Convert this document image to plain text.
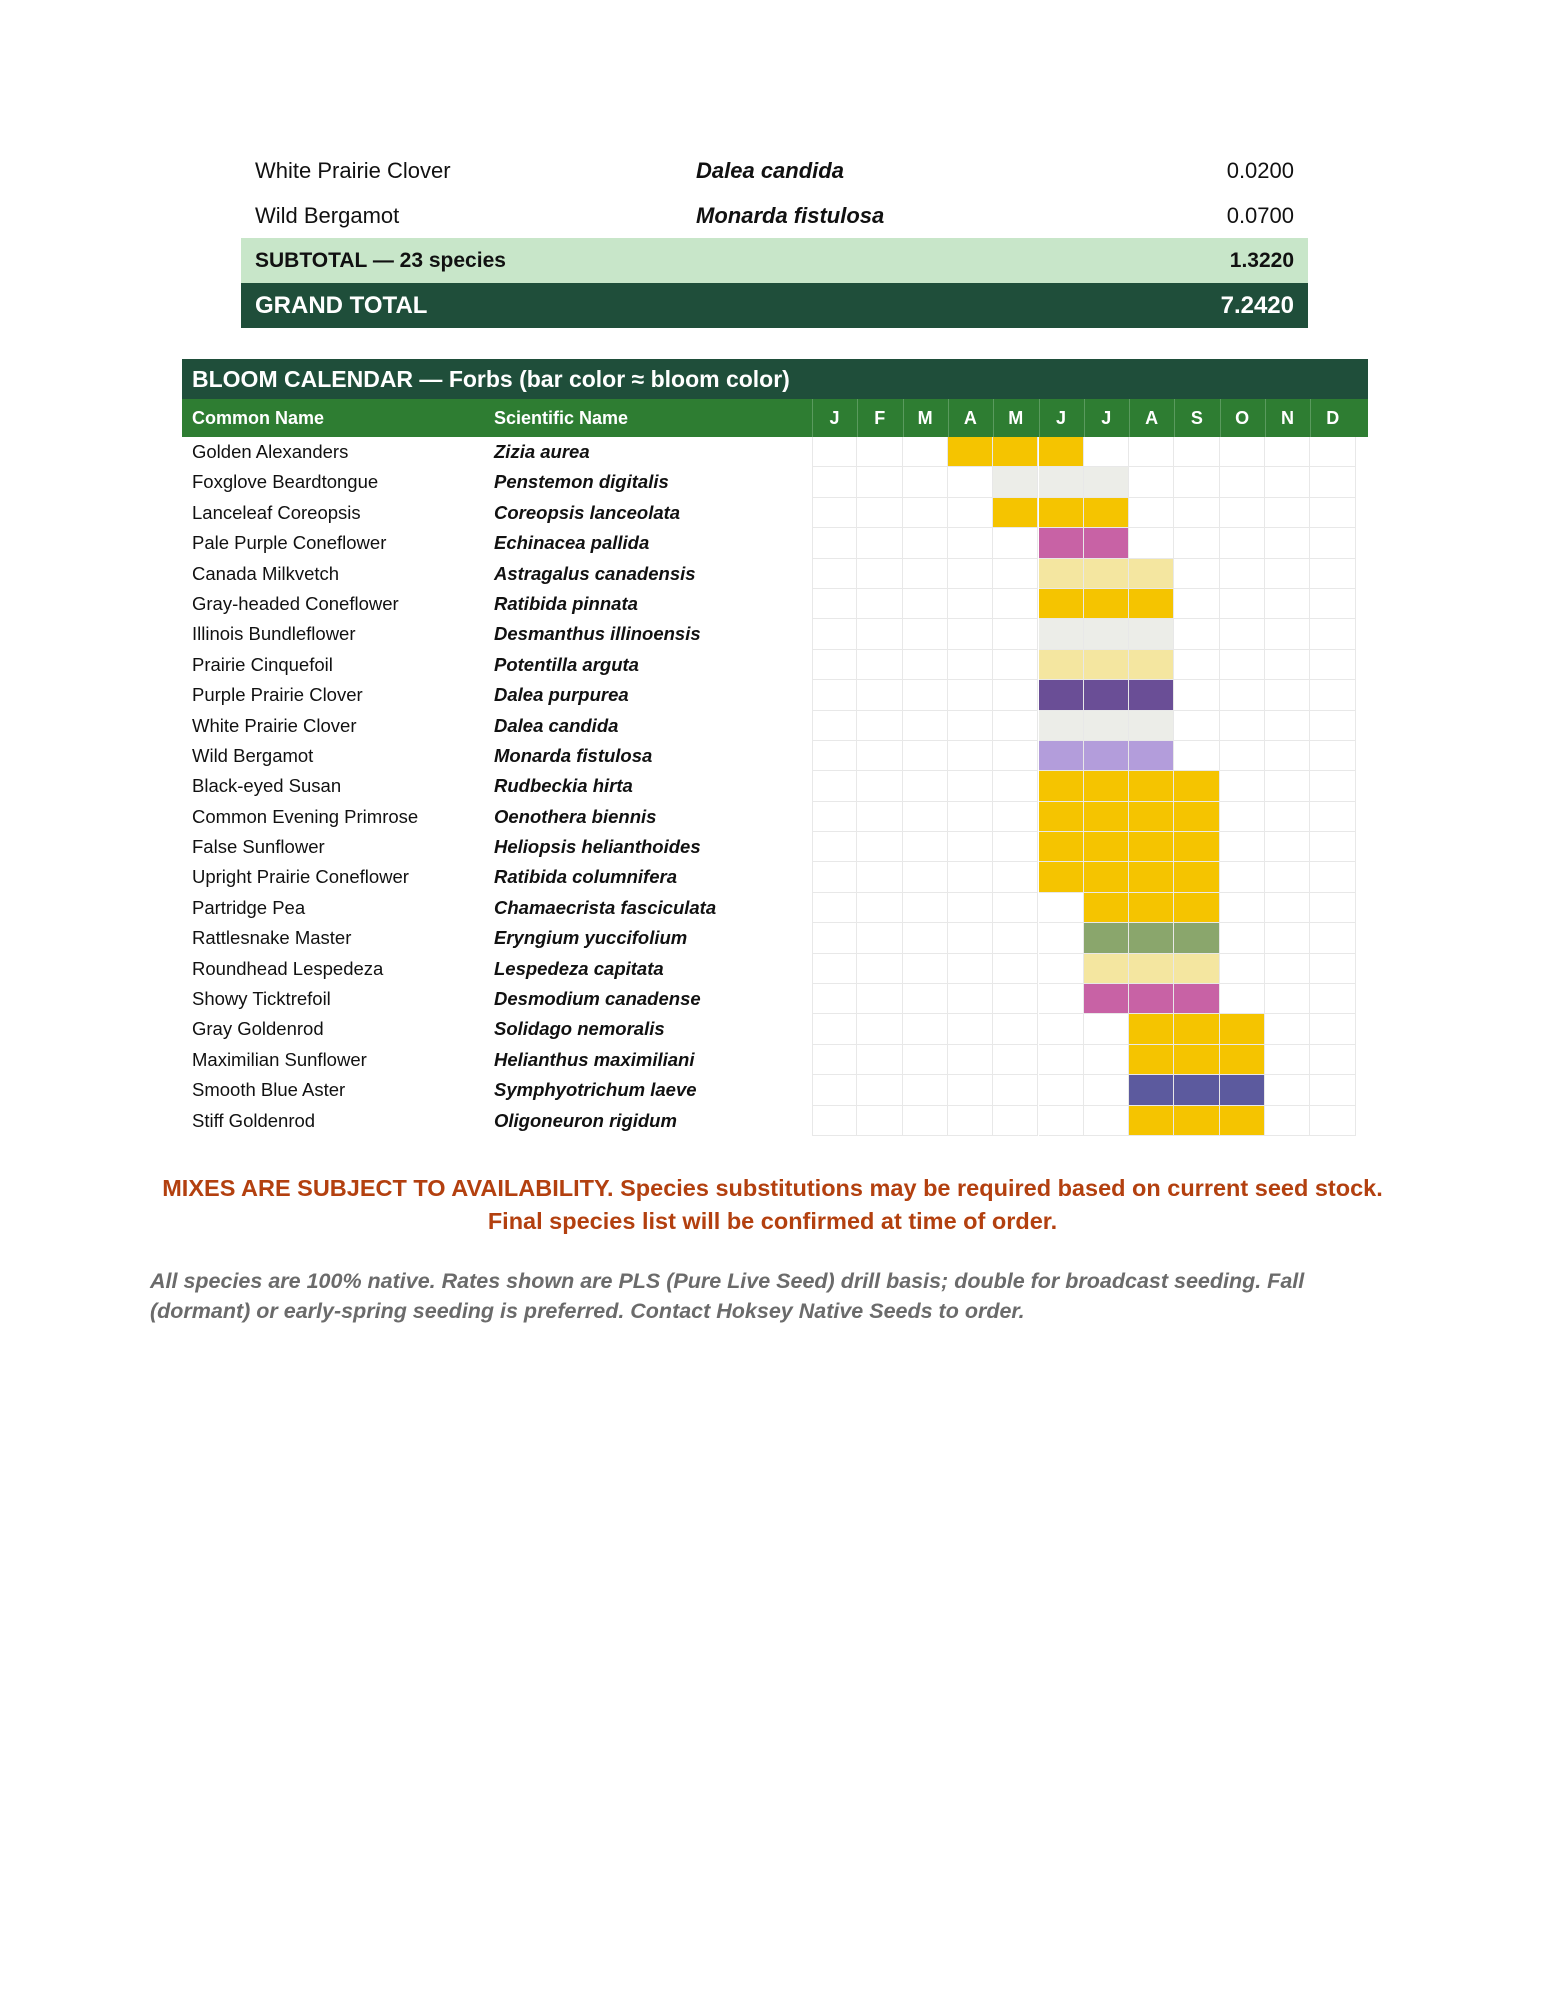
White Prairie Clover	Dalea candida	0.0200
Wild Bergamot	Monarda fistulosa	0.0700
SUBTOTAL — 23 species	1.3220
GRAND TOTAL	7.2420
BLOOM CALENDAR — Forbs (bar color ≈ bloom color)
Common Name	Scientific Name	J	F	M	A	M	J	J	A	S	O	N	D
Golden Alexanders	Zizia aurea
Foxglove Beardtongue	Penstemon digitalis
Lanceleaf Coreopsis	Coreopsis lanceolata
Pale Purple Coneflower	Echinacea pallida
Canada Milkvetch	Astragalus canadensis
Gray-headed Coneflower	Ratibida pinnata
Illinois Bundleflower	Desmanthus illinoensis
Prairie Cinquefoil	Potentilla arguta
Purple Prairie Clover	Dalea purpurea
White Prairie Clover	Dalea candida
Wild Bergamot	Monarda fistulosa
Black-eyed Susan	Rudbeckia hirta
Common Evening Primrose	Oenothera biennis
False Sunflower	Heliopsis helianthoides
Upright Prairie Coneflower	Ratibida columnifera
Partridge Pea	Chamaecrista fasciculata
Rattlesnake Master	Eryngium yuccifolium
Roundhead Lespedeza	Lespedeza capitata
Showy Ticktrefoil	Desmodium canadense
Gray Goldenrod	Solidago nemoralis
Maximilian Sunflower	Helianthus maximiliani
Smooth Blue Aster	Symphyotrichum laeve
Stiff Goldenrod	Oligoneuron rigidum
MIXES ARE SUBJECT TO AVAILABILITY. Species substitutions may be required based on current seed stock. Final species list will be confirmed at time of order.
All species are 100% native. Rates shown are PLS (Pure Live Seed) drill basis; double for broadcast seeding. Fall (dormant) or early-spring seeding is preferred. Contact Hoksey Native Seeds to order.
